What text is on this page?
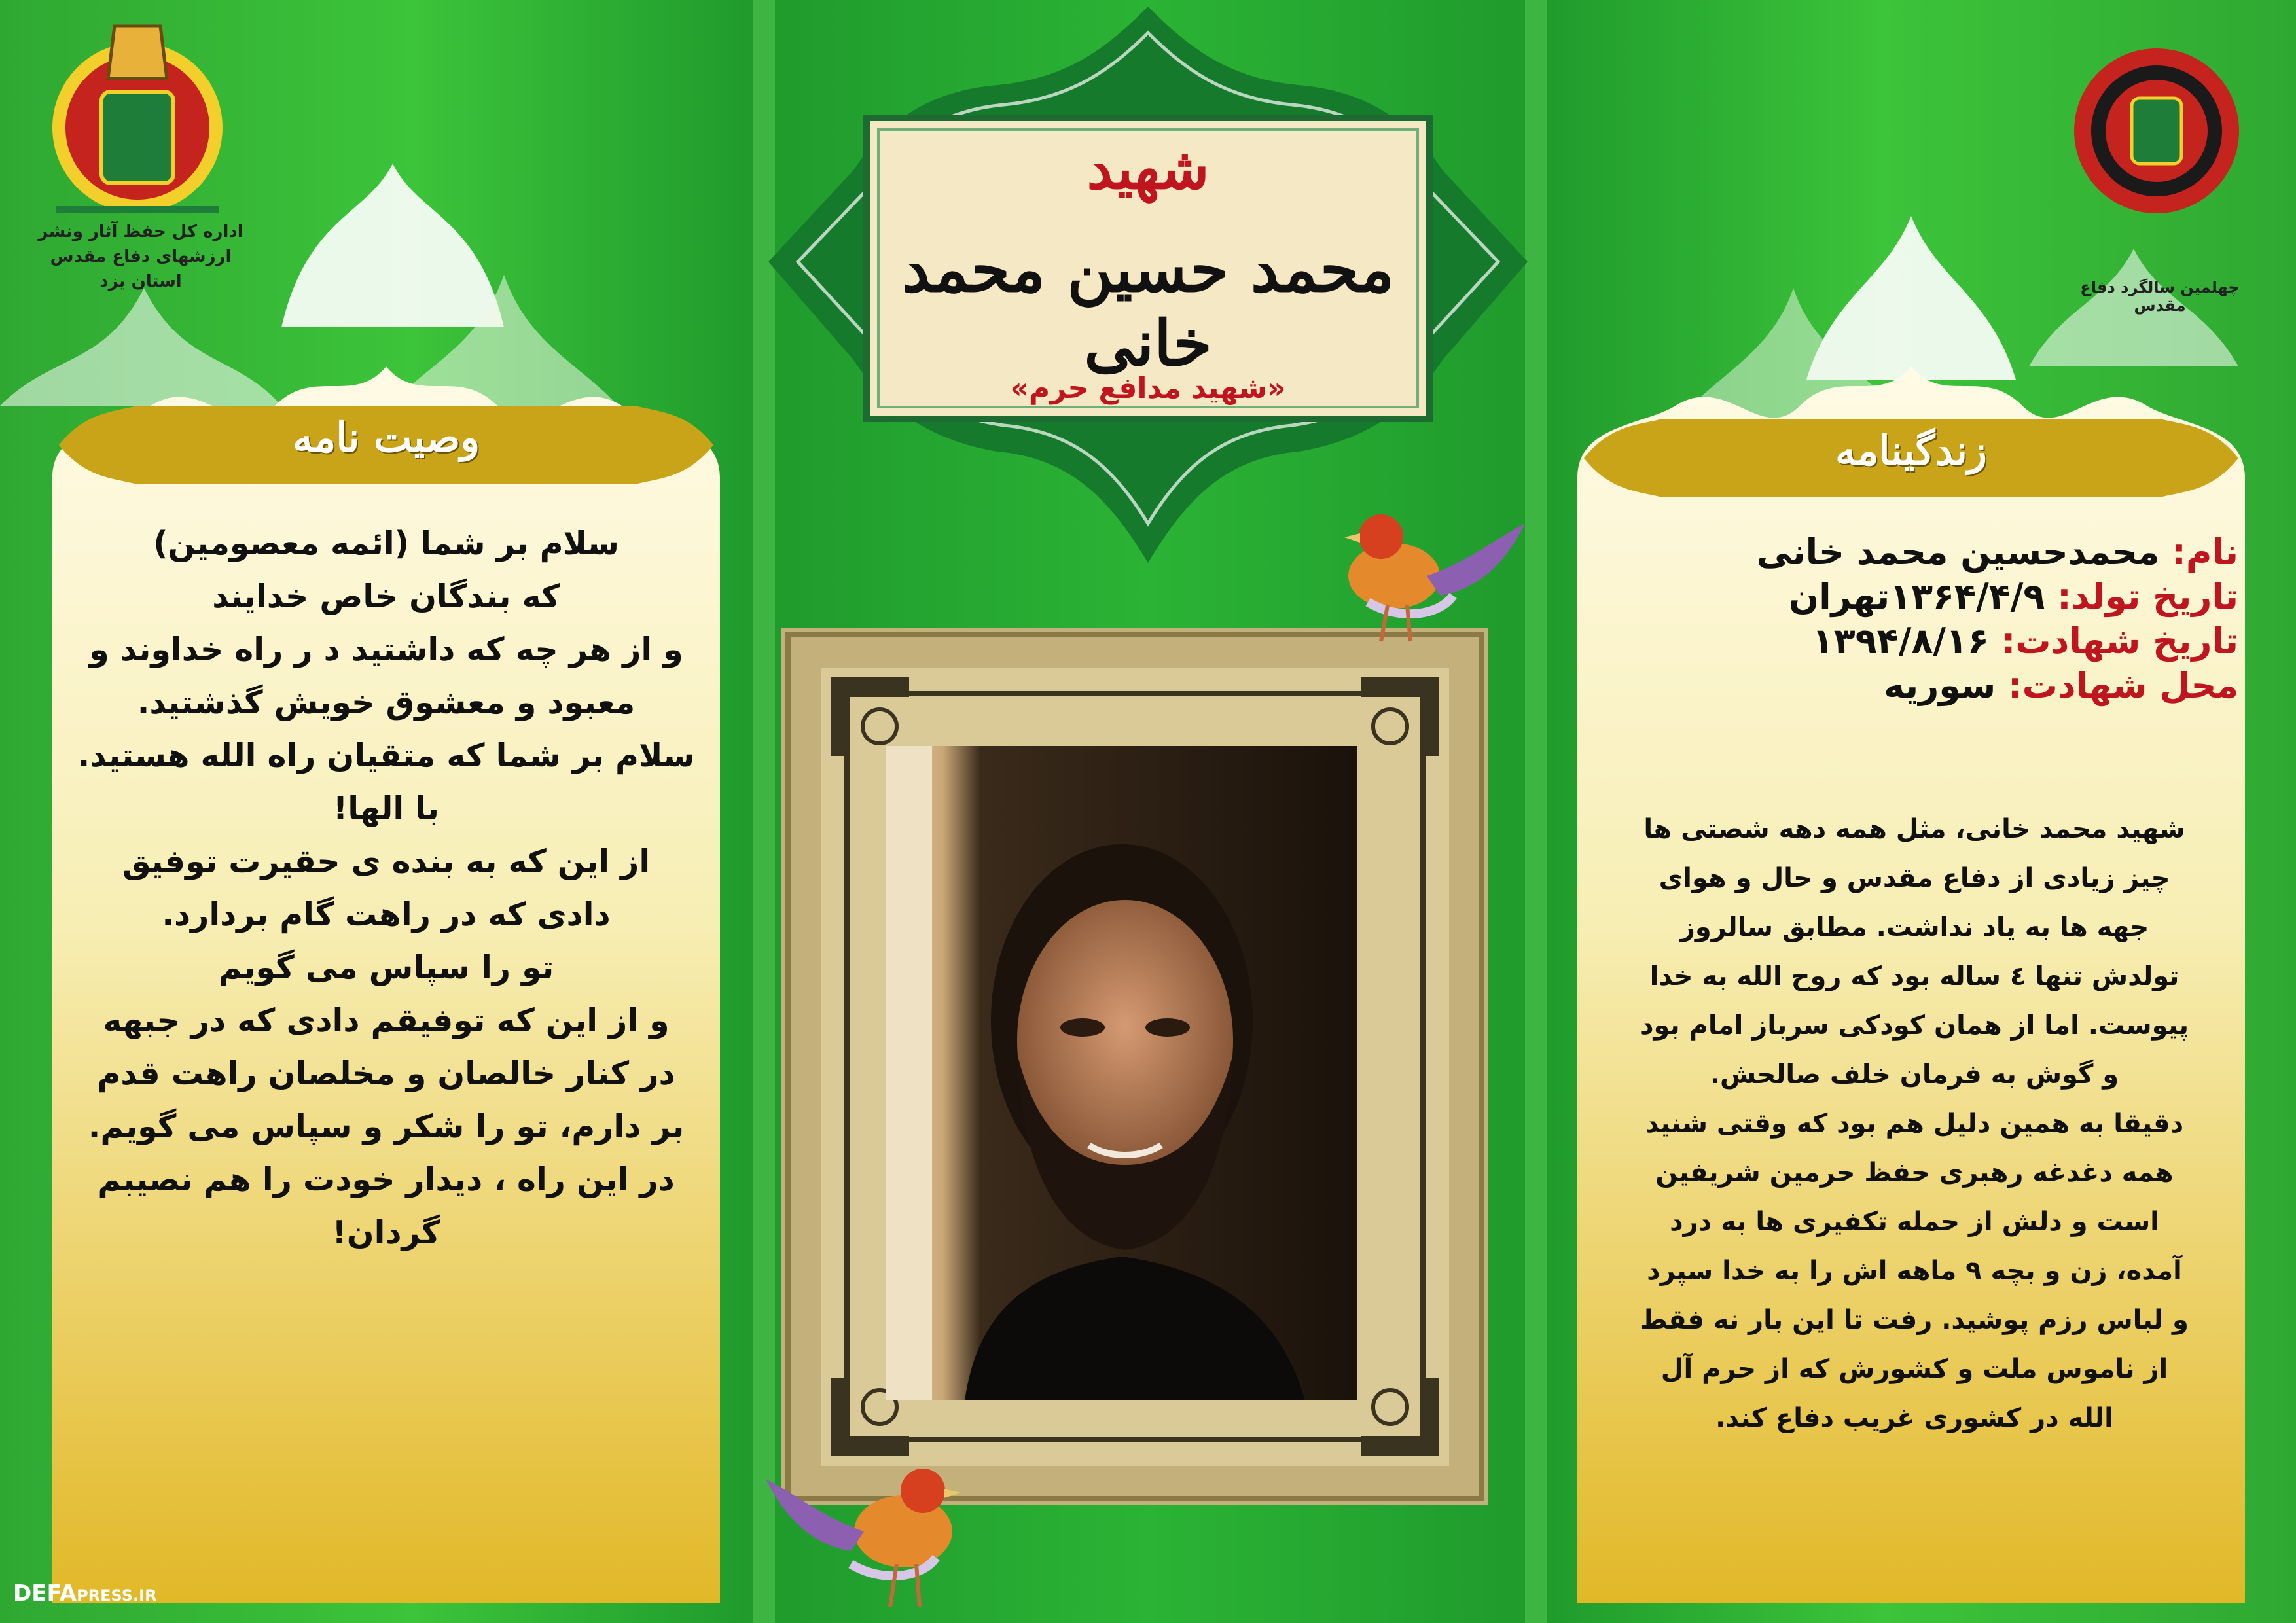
وصیت نامه
سلام بر شما (ائمه معصومین)
که بندگان خاص خدایند
و از هر چه که داشتید د ر راه خداوند و
معبود و معشوق خویش گذشتید.
سلام بر شما که متقیان راه الله هستید.
با الها!
از این که به بنده ی حقیرت توفیق
دادی که در راهت گام بردارد.
تو را سپاس می گویم
و از این که توفیقم دادی که در جبهه
در کنار خالصان و مخلصان راهت قدم
بر دارم، تو را شکر و سپاس می گویم.
در این راه ، دیدار خودت را هم نصیبم
گردان!
زندگینامه
نام: محمدحسین محمد خانی
تاریخ تولد: ۱۳۶۴/۴/۹تهران
تاریخ شهادت: ۱۳۹۴/۸/۱۶
محل شهادت: سوریه
شهید محمد خانی، مثل همه دهه شصتی ها
چیز زیادی از دفاع مقدس و حال و هوای
جهه ها به یاد نداشت. مطابق سالروز
تولدش تنها ٤ ساله بود که روح الله به خدا
پیوست. اما از همان کودکی سرباز امام بود
و گوش به فرمان خلف صالحش.
دقیقا به همین دلیل هم بود که وقتی شنید
همه دغدغه رهبری حفظ حرمین شریفین
است و دلش از حمله تکفیری ها به درد
آمده، زن و بچه ۹ ماهه اش را به خدا سپرد
و لباس رزم پوشید. رفت تا این بار نه فقط
از ناموس ملت و کشورش که از حرم آل
الله در کشوری غریب دفاع کند.
شهید
محمد حسین محمد خانی
«شهید مدافع حرم»
اداره کل حفظ آثار ونشر
ارزشهای دفاع مقدس
استان یزد	چهلمین سالگرد دفاع مقدس
DEFAPRESS.IR
